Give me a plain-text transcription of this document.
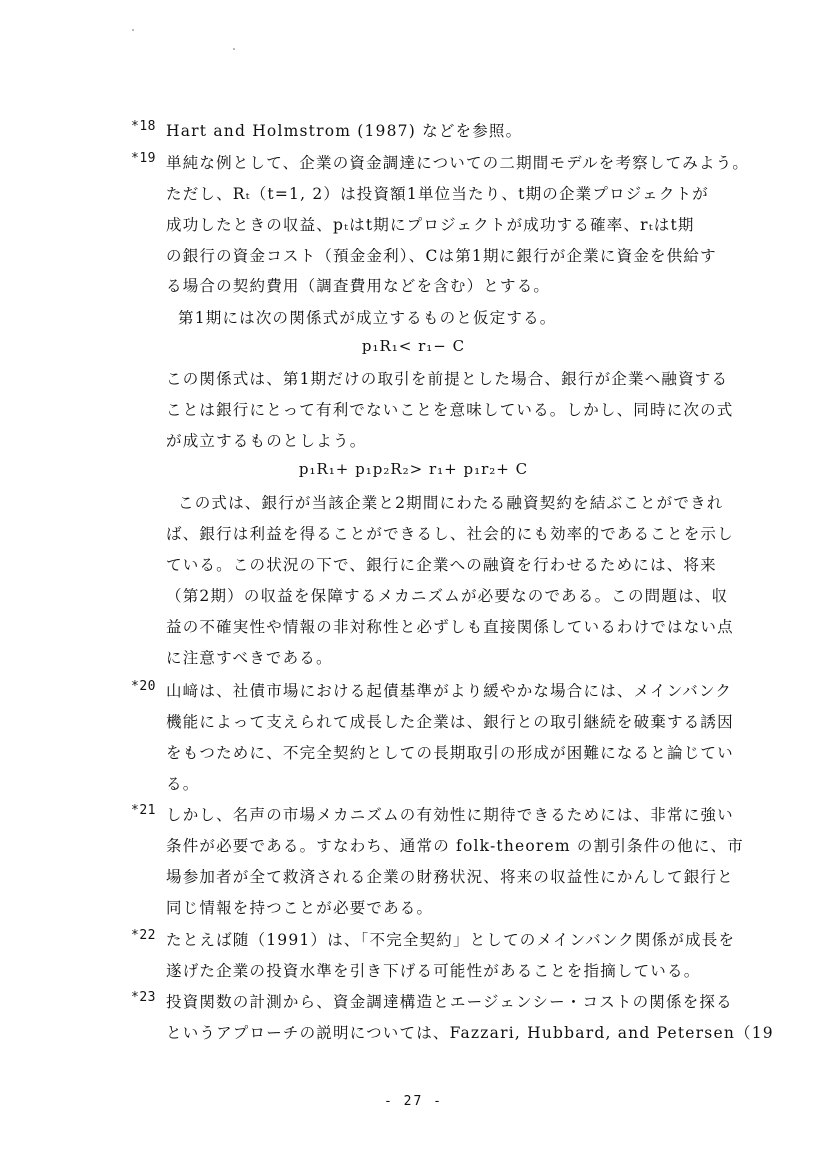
*18 Hart and Holmstrom (1987) などを参照。
*19 単純な例として、企業の資金調達についての二期間モデルを考察してみよう。
ただし、Rₜ（t=1, 2）は投資額1単位当たり、t期の企業プロジェクトが
成功したときの収益、pₜはt期にプロジェクトが成功する確率、rₜはt期
の銀行の資金コスト（預金金利）、Cは第1期に銀行が企業に資金を供給す
る場合の契約費用（調査費用などを含む）とする。
第1期には次の関係式が成立するものと仮定する。
p₁R₁< r₁− C
この関係式は、第1期だけの取引を前提とした場合、銀行が企業へ融資する
ことは銀行にとって有利でないことを意味している。しかし、同時に次の式
が成立するものとしよう。
p₁R₁+ p₁p₂R₂> r₁+ p₁r₂+ C
この式は、銀行が当該企業と2期間にわたる融資契約を結ぶことができれ
ば、銀行は利益を得ることができるし、社会的にも効率的であることを示し
ている。この状況の下で、銀行に企業への融資を行わせるためには、将来
（第2期）の収益を保障するメカニズムが必要なのである。この問題は、収
益の不確実性や情報の非対称性と必ずしも直接関係しているわけではない点
に注意すべきである。
*20 山﨑は、社債市場における起債基準がより緩やかな場合には、メインバンク
機能によって支えられて成長した企業は、銀行との取引継続を破棄する誘因
をもつために、不完全契約としての長期取引の形成が困難になると論じてい
る。
*21 しかし、名声の市場メカニズムの有効性に期待できるためには、非常に強い
条件が必要である。すなわち、通常の folk-theorem の割引条件の他に、市
場参加者が全て救済される企業の財務状況、将来の収益性にかんして銀行と
同じ情報を持つことが必要である。
*22 たとえば随（1991）は、「不完全契約」としてのメインバンク関係が成長を
遂げた企業の投資水準を引き下げる可能性があることを指摘している。
*23 投資関数の計測から、資金調達構造とエージェンシー・コストの関係を探る
というアプローチの説明については、Fazzari, Hubbard, and Petersen（19
- 27 -
